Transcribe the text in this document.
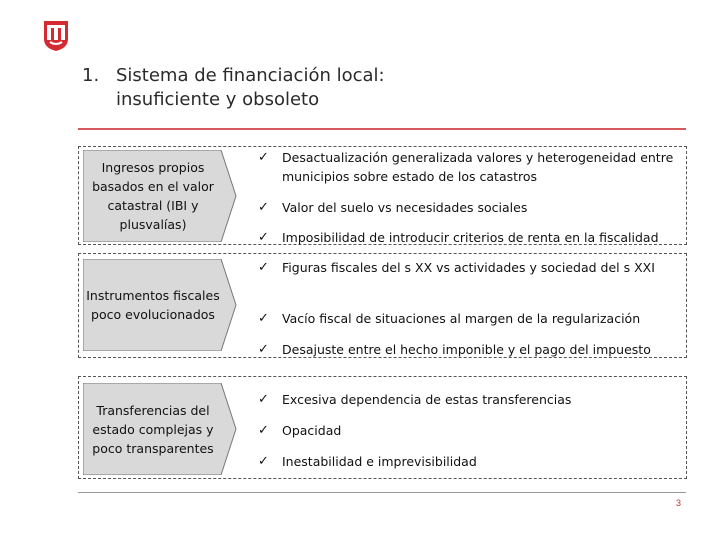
1. Sistema de financiación local:
insuficiente y obsoleto
Ingresos propios basados en el valor catastral (IBI y plusvalías)
✓ Desactualización generalizada valores y heterogeneidad entre municipios sobre estado de los catastros
✓ Valor del suelo vs necesidades sociales
✓ Imposibilidad de introducir criterios de renta en la fiscalidad
Instrumentos fiscales poco evolucionados
✓ Figuras fiscales del s XX vs actividades y sociedad del s XXI
✓ Vacío fiscal de situaciones al margen de la regularización
✓ Desajuste entre el hecho imponible y el pago del impuesto
Transferencias del estado complejas y poco transparentes
✓ Excesiva dependencia de estas transferencias
✓ Opacidad
✓ Inestabilidad e imprevisibilidad
3
